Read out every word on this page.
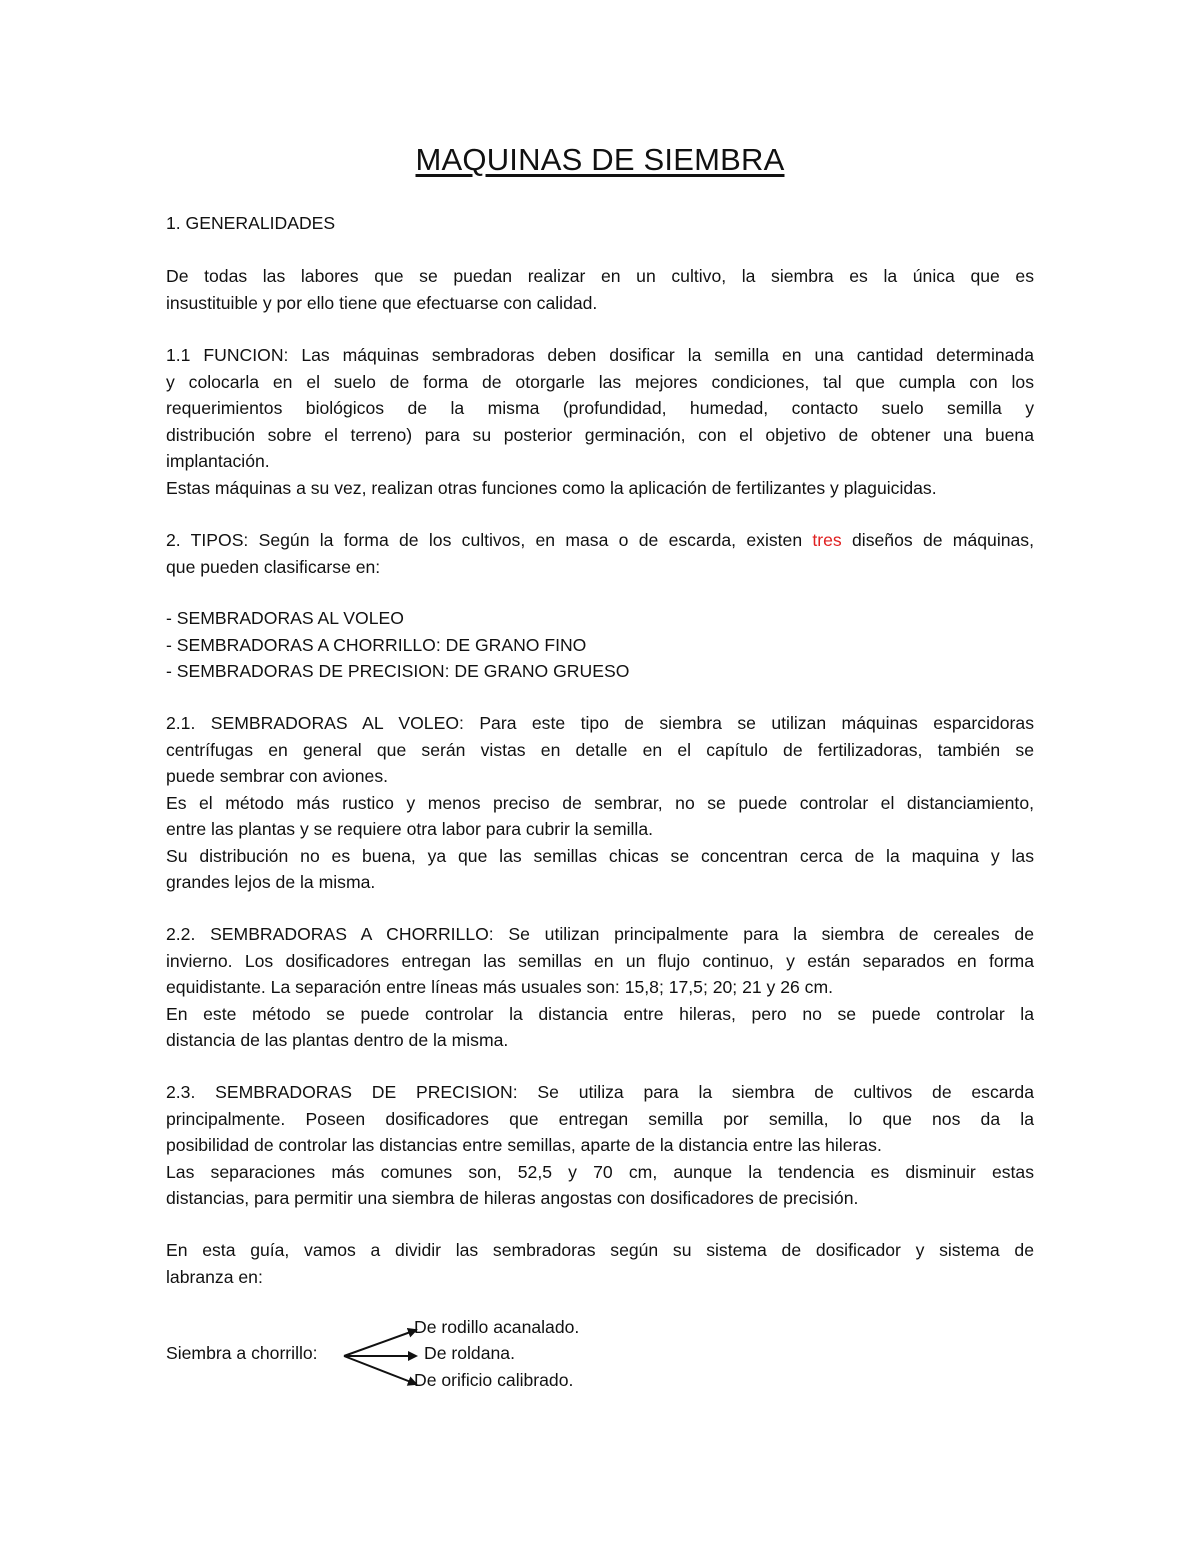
MAQUINAS DE SIEMBRA
1. GENERALIDADES
De todas las labores que se puedan realizar en un cultivo, la siembra es la única que es
insustituible y por ello tiene que efectuarse con calidad.
1.1 FUNCION: Las máquinas sembradoras deben dosificar la semilla en una cantidad determinada
y colocarla en el suelo de forma de otorgarle las mejores condiciones, tal que cumpla con los
requerimientos biológicos de la misma (profundidad, humedad, contacto suelo semilla y
distribución sobre el terreno) para su posterior germinación, con el objetivo de obtener una buena
implantación.
Estas máquinas a su vez, realizan otras funciones como la aplicación de fertilizantes y plaguicidas.
2. TIPOS: Según la forma de los cultivos, en masa o de escarda, existen tres diseños de máquinas,
que pueden clasificarse en:
- SEMBRADORAS AL VOLEO
- SEMBRADORAS A CHORRILLO: DE GRANO FINO
- SEMBRADORAS DE PRECISION: DE GRANO GRUESO
2.1. SEMBRADORAS AL VOLEO: Para este tipo de siembra se utilizan máquinas esparcidoras
centrífugas en general que serán vistas en detalle en el capítulo de fertilizadoras, también se
puede sembrar con aviones.
Es el método más rustico y menos preciso de sembrar, no se puede controlar el distanciamiento,
entre las plantas y se requiere otra labor para cubrir la semilla.
Su distribución no es buena, ya que las semillas chicas se concentran cerca de la maquina y las
grandes lejos de la misma.
2.2. SEMBRADORAS A CHORRILLO: Se utilizan principalmente para la siembra de cereales de
invierno. Los dosificadores entregan las semillas en un flujo continuo, y están separados en forma
equidistante. La separación entre líneas más usuales son: 15,8; 17,5; 20; 21 y 26 cm.
En este método se puede controlar la distancia entre hileras, pero no se puede controlar la
distancia de las plantas dentro de la misma.
2.3. SEMBRADORAS DE PRECISION: Se utiliza para la siembra de cultivos de escarda
principalmente. Poseen dosificadores que entregan semilla por semilla, lo que nos da la
posibilidad de controlar las distancias entre semillas, aparte de la distancia entre las hileras.
Las separaciones más comunes son, 52,5 y 70 cm, aunque la tendencia es disminuir estas
distancias, para permitir una siembra de hileras angostas con dosificadores de precisión.
En esta guía, vamos a dividir las sembradoras según su sistema de dosificador y sistema de
labranza en:
Siembra a chorrillo:
De rodillo acanalado.
De roldana.
De orificio calibrado.
